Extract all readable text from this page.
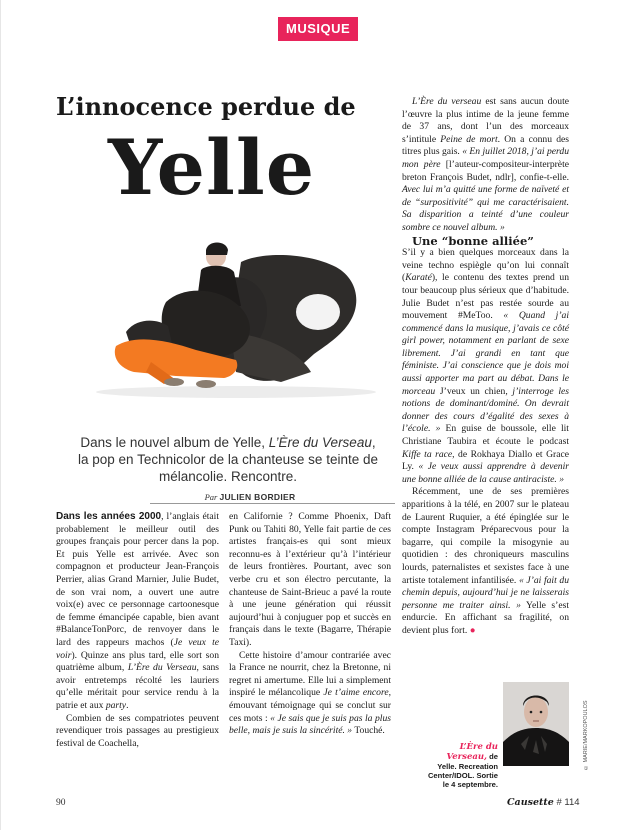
MUSIQUE
L’innocence perdue de
Yelle
Dans le nouvel album de Yelle, L’Ère du Verseau, la pop en Technicolor de la chanteuse se teinte de mélancolie. Rencontre.
Par JULIEN BORDIER

Dans les années 2000, l’anglais était probablement le meilleur outil des groupes français pour percer dans la pop. Et puis Yelle est arrivée. Avec son compagnon et producteur Jean-François Perrier, alias Grand Marnier, Julie Budet, de son vrai nom, a ouvert une autre voix(e) avec ce personnage cartoonesque de femme émancipée capable, bien avant #BalanceTonPorc, de renvoyer dans le lard des rappeurs machos (Je veux te voir). Quinze ans plus tard, elle sort son quatrième album, L’Ère du Verseau, sans avoir entretemps récolté les lauriers qu’elle méritait pour service rendu à la patrie et aux party.

Combien de ses compatriotes peuvent revendiquer trois passages au prestigieux festival de Coachella,

en Californie ? Comme Phoenix, Daft Punk ou Tahiti 80, Yelle fait partie de ces artistes français-es qui sont mieux reconnu-es à l’extérieur qu’à l’intérieur de leurs frontières. Pourtant, avec son verbe cru et son électro percutante, la chanteuse de Saint-Brieuc a pavé la route à une jeune génération qui réussit aujourd’hui à conjuguer pop et succès en français dans le texte (Bagarre, Thérapie Taxi).

Cette histoire d’amour contrariée avec la France ne nourrit, chez la Bretonne, ni regret ni amertume. Elle lui a simplement inspiré le mélancolique Je t’aime encore, émouvant témoignage qui se conclut sur ces mots : « Je sais que je suis pas la plus belle, mais je suis la sincérité. » Touché.

L’Ère du verseau est sans aucun doute l’œuvre la plus intime de la jeune femme de 37 ans, dont l’un des morceaux s’intitule Peine de mort. On a connu des titres plus gais. « En juillet 2018, j’ai perdu mon père [l’auteur-compositeur-interprète breton François Budet, ndlr], confie-t-elle. Avec lui m’a quitté une forme de naïveté et de “surpositivité” qui me caractérisaient. Sa disparition a teinté d’une couleur sombre ce nouvel album. »

Une “bonne alliée”

S’il y a bien quelques morceaux dans la veine techno espiègle qu’on lui connaît (Karaté), le contenu des textes prend un tour beaucoup plus sérieux que d’habitude. Julie Budet n’est pas restée sourde au mouvement #MeToo. « Quand j’ai commencé dans la musique, j’avais ce côté girl power, notamment en parlant de sexe librement. J’ai grandi en tant que féministe. J’ai conscience que je dois moi aussi apporter ma part au débat. Dans le morceau J’veux un chien, j’interroge les notions de dominant/dominé. On devrait donner des cours d’égalité des sexes à l’école. » En guise de boussole, elle lit Christiane Taubira et écoute le podcast Kiffe ta race, de Rokhaya Diallo et Grace Ly. « Je veux aussi apprendre à devenir une bonne alliée de la cause antiraciste. »

Récemment, une de ses premières apparitions à la télé, en 2007 sur le plateau de Laurent Ruquier, a été épinglée sur le compte Instagram Préparecvous pour la bagarre, qui compile la misogynie au quotidien : des chroniqueurs masculins lourds, paternalistes et sexistes face à une artiste totalement infantilisée. « J’ai fait du chemin depuis, aujourd’hui je ne laisserais personne me traiter ainsi. » Yelle s’est endurcie. En affichant sa fragilité, on devient plus fort. ●

L’Ère du Verseau, de Yelle. Recreation Center/IDOL. Sortie le 4 septembre.
© MARIE/MARKOPOULOS
90	Causette # 114
